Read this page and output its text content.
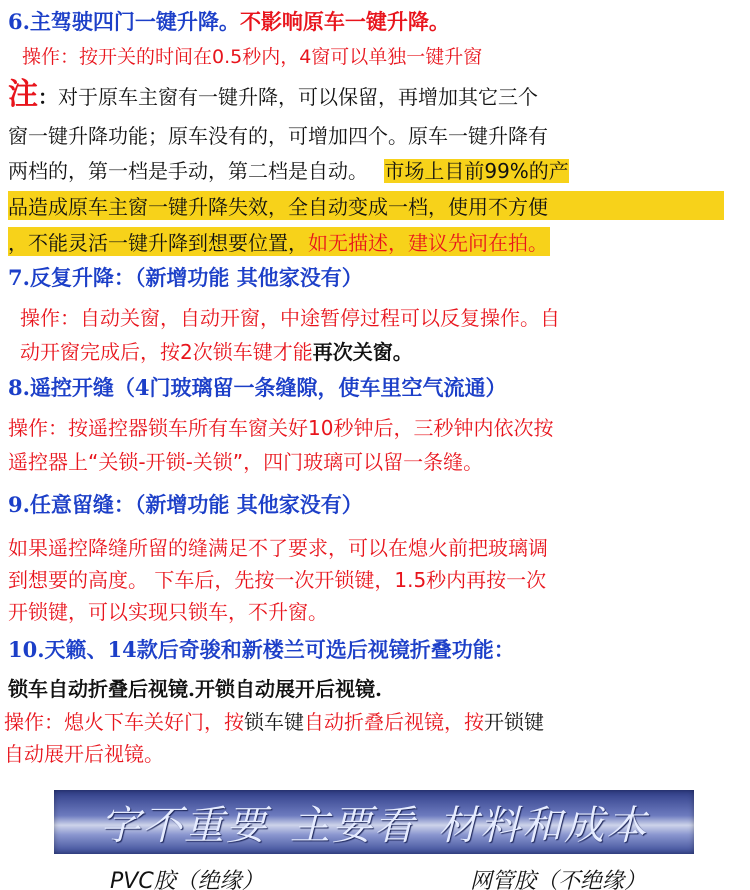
6.主驾驶四门一键升降。不影响原车一键升降。
操作：按开关的时间在0.5秒内，4窗可以单独一键升窗
注：对于原车主窗有一键升降，可以保留，再增加其它三个
窗一键升降功能；原车没有的，可增加四个。原车一键升降有
两档的，第一档是手动，第二档是自动。 市场上目前99%的产
品造成原车主窗一键升降失效，全自动变成一档，使用不方便
，不能灵活一键升降到想要位置，如无描述，建议先问在拍。
7.反复升降：（新增功能 其他家没有）
操作：自动关窗，自动开窗，中途暂停过程可以反复操作。自
动开窗完成后，按2次锁车键才能再次关窗。
8.遥控开缝（4门玻璃留一条缝隙，使车里空气流通）
操作：按遥控器锁车所有车窗关好10秒钟后，三秒钟内依次按
遥控器上“关锁-开锁-关锁”，四门玻璃可以留一条缝。
9.任意留缝：（新增功能 其他家没有）
如果遥控降缝所留的缝满足不了要求，可以在熄火前把玻璃调
到想要的高度。 下车后，先按一次开锁键，1.5秒内再按一次
开锁键，可以实现只锁车，不升窗。
10.天籁、14款后奇骏和新楼兰可选后视镜折叠功能：
锁车自动折叠后视镜.开锁自动展开后视镜.
操作：熄火下车关好门，按锁车键自动折叠后视镜，按开锁键
自动展开后视镜。
字不重要 主要看 材料和成本
PVC胶（绝缘）	网管胶（不绝缘）
